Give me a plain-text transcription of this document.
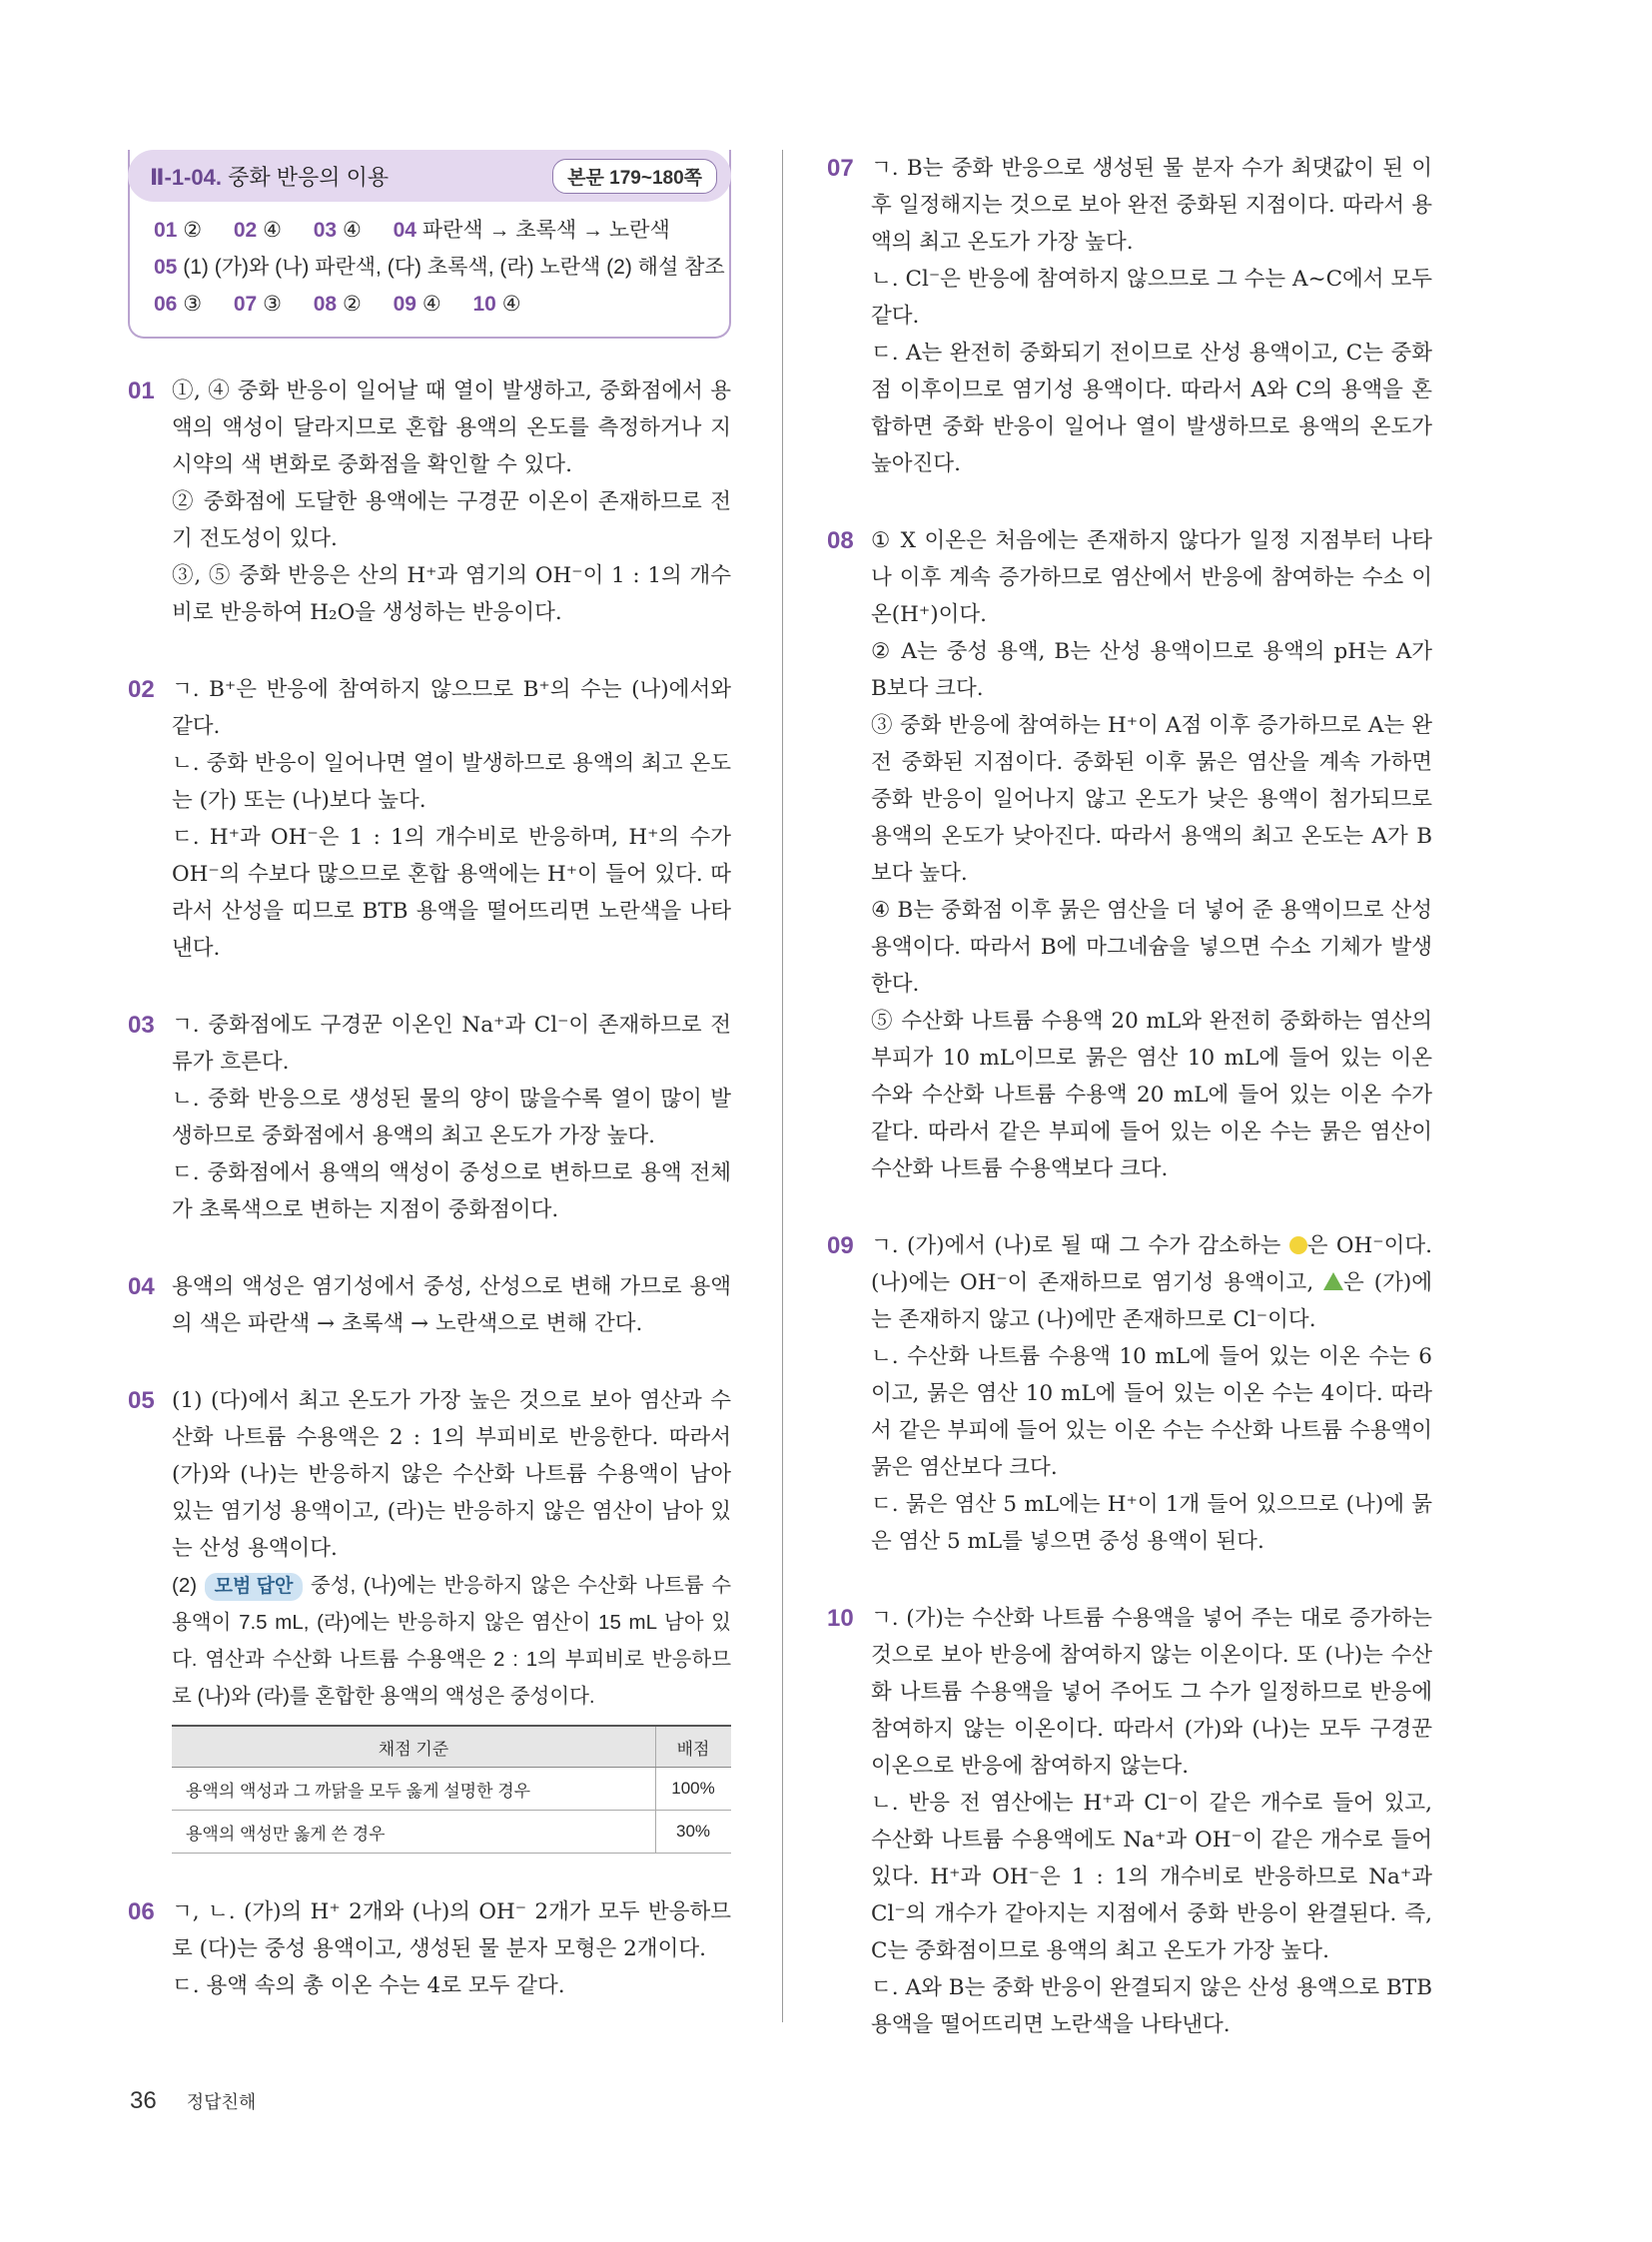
Ⅱ-1-04. 중화 반응의 이용	본문 179~180쪽
01 ② 02 ④ 03 ④ 04 파란색 → 초록색 → 노란색
05 (1) (가)와 (나) 파란색, (다) 초록색, (라) 노란색 (2) 해설 참조
06 ③ 07 ③ 08 ② 09 ④ 10 ④
01 ①, ④ 중화 반응이 일어날 때 열이 발생하고, 중화점에서 용액의 액성이 달라지므로 혼합 용액의 온도를 측정하거나 지시약의 색 변화로 중화점을 확인할 수 있다.

② 중화점에 도달한 용액에는 구경꾼 이온이 존재하므로 전기 전도성이 있다.

③, ⑤ 중화 반응은 산의 H⁺과 염기의 OH⁻이 1 : 1의 개수비로 반응하여 H₂O을 생성하는 반응이다.

02 ㄱ. B⁺은 반응에 참여하지 않으므로 B⁺의 수는 (나)에서와 같다.

ㄴ. 중화 반응이 일어나면 열이 발생하므로 용액의 최고 온도는 (가) 또는 (나)보다 높다.

ㄷ. H⁺과 OH⁻은 1 : 1의 개수비로 반응하며, H⁺의 수가 OH⁻의 수보다 많으므로 혼합 용액에는 H⁺이 들어 있다. 따라서 산성을 띠므로 BTB 용액을 떨어뜨리면 노란색을 나타낸다.

03 ㄱ. 중화점에도 구경꾼 이온인 Na⁺과 Cl⁻이 존재하므로 전류가 흐른다.

ㄴ. 중화 반응으로 생성된 물의 양이 많을수록 열이 많이 발생하므로 중화점에서 용액의 최고 온도가 가장 높다.

ㄷ. 중화점에서 용액의 액성이 중성으로 변하므로 용액 전체가 초록색으로 변하는 지점이 중화점이다.

04 용액의 액성은 염기성에서 중성, 산성으로 변해 가므로 용액의 색은 파란색 → 초록색 → 노란색으로 변해 간다.

05 (1) (다)에서 최고 온도가 가장 높은 것으로 보아 염산과 수산화 나트륨 수용액은 2 : 1의 부피비로 반응한다. 따라서 (가)와 (나)는 반응하지 않은 수산화 나트륨 수용액이 남아 있는 염기성 용액이고, (라)는 반응하지 않은 염산이 남아 있는 산성 용액이다.

(2) 모범 답안 중성, (나)에는 반응하지 않은 수산화 나트륨 수용액이 7.5 mL, (라)에는 반응하지 않은 염산이 15 mL 남아 있다. 염산과 수산화 나트륨 수용액은 2 : 1의 부피비로 반응하므로 (나)와 (라)를 혼합한 용액의 액성은 중성이다.

채점 기준	배점
용액의 액성과 그 까닭을 모두 옳게 설명한 경우	100%
용액의 액성만 옳게 쓴 경우	30%
06 ㄱ, ㄴ. (가)의 H⁺ 2개와 (나)의 OH⁻ 2개가 모두 반응하므로 (다)는 중성 용액이고, 생성된 물 분자 모형은 2개이다.

ㄷ. 용액 속의 총 이온 수는 4로 모두 같다.

07 ㄱ. B는 중화 반응으로 생성된 물 분자 수가 최댓값이 된 이후 일정해지는 것으로 보아 완전 중화된 지점이다. 따라서 용액의 최고 온도가 가장 높다.

ㄴ. Cl⁻은 반응에 참여하지 않으므로 그 수는 A~C에서 모두 같다.

ㄷ. A는 완전히 중화되기 전이므로 산성 용액이고, C는 중화점 이후이므로 염기성 용액이다. 따라서 A와 C의 용액을 혼합하면 중화 반응이 일어나 열이 발생하므로 용액의 온도가 높아진다.

08 ① X 이온은 처음에는 존재하지 않다가 일정 지점부터 나타나 이후 계속 증가하므로 염산에서 반응에 참여하는 수소 이온(H⁺)이다.

② A는 중성 용액, B는 산성 용액이므로 용액의 pH는 A가 B보다 크다.

③ 중화 반응에 참여하는 H⁺이 A점 이후 증가하므로 A는 완전 중화된 지점이다. 중화된 이후 묽은 염산을 계속 가하면 중화 반응이 일어나지 않고 온도가 낮은 용액이 첨가되므로 용액의 온도가 낮아진다. 따라서 용액의 최고 온도는 A가 B보다 높다.

④ B는 중화점 이후 묽은 염산을 더 넣어 준 용액이므로 산성 용액이다. 따라서 B에 마그네슘을 넣으면 수소 기체가 발생한다.

⑤ 수산화 나트륨 수용액 20 mL와 완전히 중화하는 염산의 부피가 10 mL이므로 묽은 염산 10 mL에 들어 있는 이온 수와 수산화 나트륨 수용액 20 mL에 들어 있는 이온 수가 같다. 따라서 같은 부피에 들어 있는 이온 수는 묽은 염산이 수산화 나트륨 수용액보다 크다.

09 ㄱ. (가)에서 (나)로 될 때 그 수가 감소하는 은 OH⁻이다. (나)에는 OH⁻이 존재하므로 염기성 용액이고, 은 (가)에는 존재하지 않고 (나)에만 존재하므로 Cl⁻이다.

ㄴ. 수산화 나트륨 수용액 10 mL에 들어 있는 이온 수는 6이고, 묽은 염산 10 mL에 들어 있는 이온 수는 4이다. 따라서 같은 부피에 들어 있는 이온 수는 수산화 나트륨 수용액이 묽은 염산보다 크다.

ㄷ. 묽은 염산 5 mL에는 H⁺이 1개 들어 있으므로 (나)에 묽은 염산 5 mL를 넣으면 중성 용액이 된다.

10 ㄱ. (가)는 수산화 나트륨 수용액을 넣어 주는 대로 증가하는 것으로 보아 반응에 참여하지 않는 이온이다. 또 (나)는 수산화 나트륨 수용액을 넣어 주어도 그 수가 일정하므로 반응에 참여하지 않는 이온이다. 따라서 (가)와 (나)는 모두 구경꾼 이온으로 반응에 참여하지 않는다.

ㄴ. 반응 전 염산에는 H⁺과 Cl⁻이 같은 개수로 들어 있고, 수산화 나트륨 수용액에도 Na⁺과 OH⁻이 같은 개수로 들어 있다. H⁺과 OH⁻은 1 : 1의 개수비로 반응하므로 Na⁺과 Cl⁻의 개수가 같아지는 지점에서 중화 반응이 완결된다. 즉, C는 중화점이므로 용액의 최고 온도가 가장 높다.

ㄷ. A와 B는 중화 반응이 완결되지 않은 산성 용액으로 BTB 용액을 떨어뜨리면 노란색을 나타낸다.

36 정답친해
